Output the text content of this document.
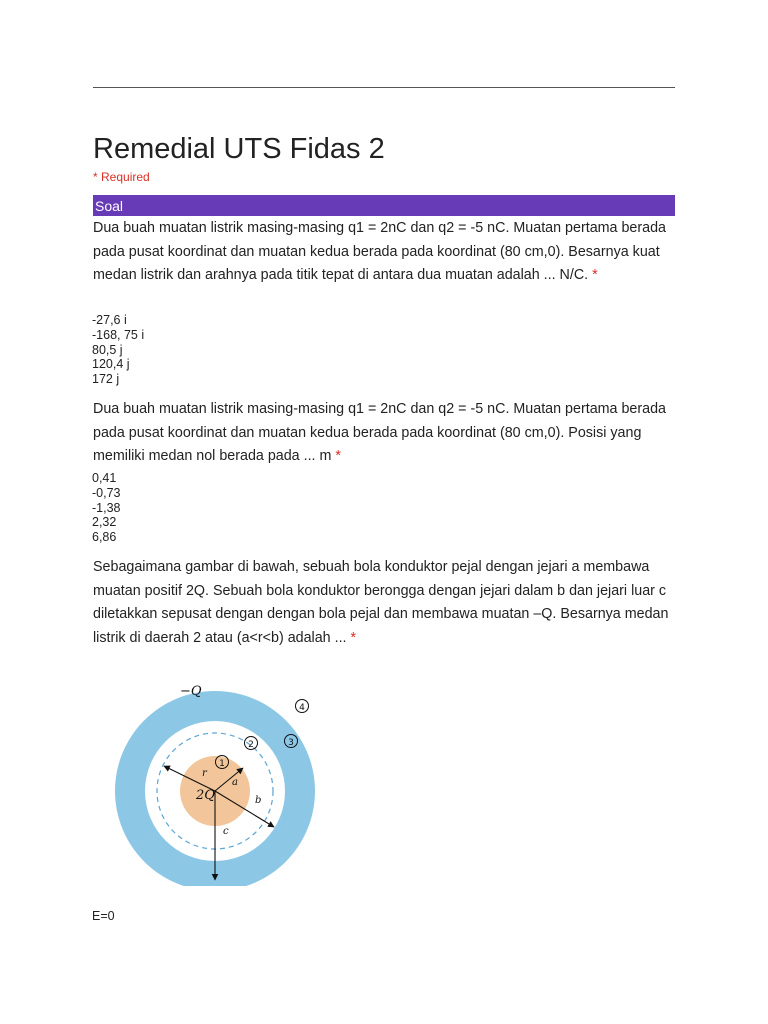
Remedial UTS Fidas 2
* Required
Soal
Dua buah muatan listrik masing-masing q1 = 2nC dan q2 = -5 nC. Muatan pertama berada pada pusat koordinat dan muatan kedua berada pada koordinat (80 cm,0). Besarnya kuat medan listrik dan arahnya pada titik tepat di antara dua muatan adalah ... N/C. *
-27,6 i
-168, 75 i
80,5 j
120,4 j
172 j
Dua buah muatan listrik masing-masing q1 = 2nC dan q2 = -5 nC. Muatan pertama berada pada pusat koordinat dan muatan kedua berada pada koordinat (80 cm,0). Posisi yang memiliki medan nol berada pada ... m *
0,41
-0,73
-1,38
2,32
6,86
Sebagaimana gambar di bawah, sebuah bola konduktor pejal dengan jejari a membawa muatan positif 2Q. Sebuah bola konduktor berongga dengan jejari dalam b dan jejari luar c diletakkan sepusat dengan dengan bola pejal dan membawa muatan –Q. Besarnya medan listrik di daerah 2 atau (a<r<b) adalah ... *
−Q
2Q
r
a
b
c
1
2	3
4
E=0
